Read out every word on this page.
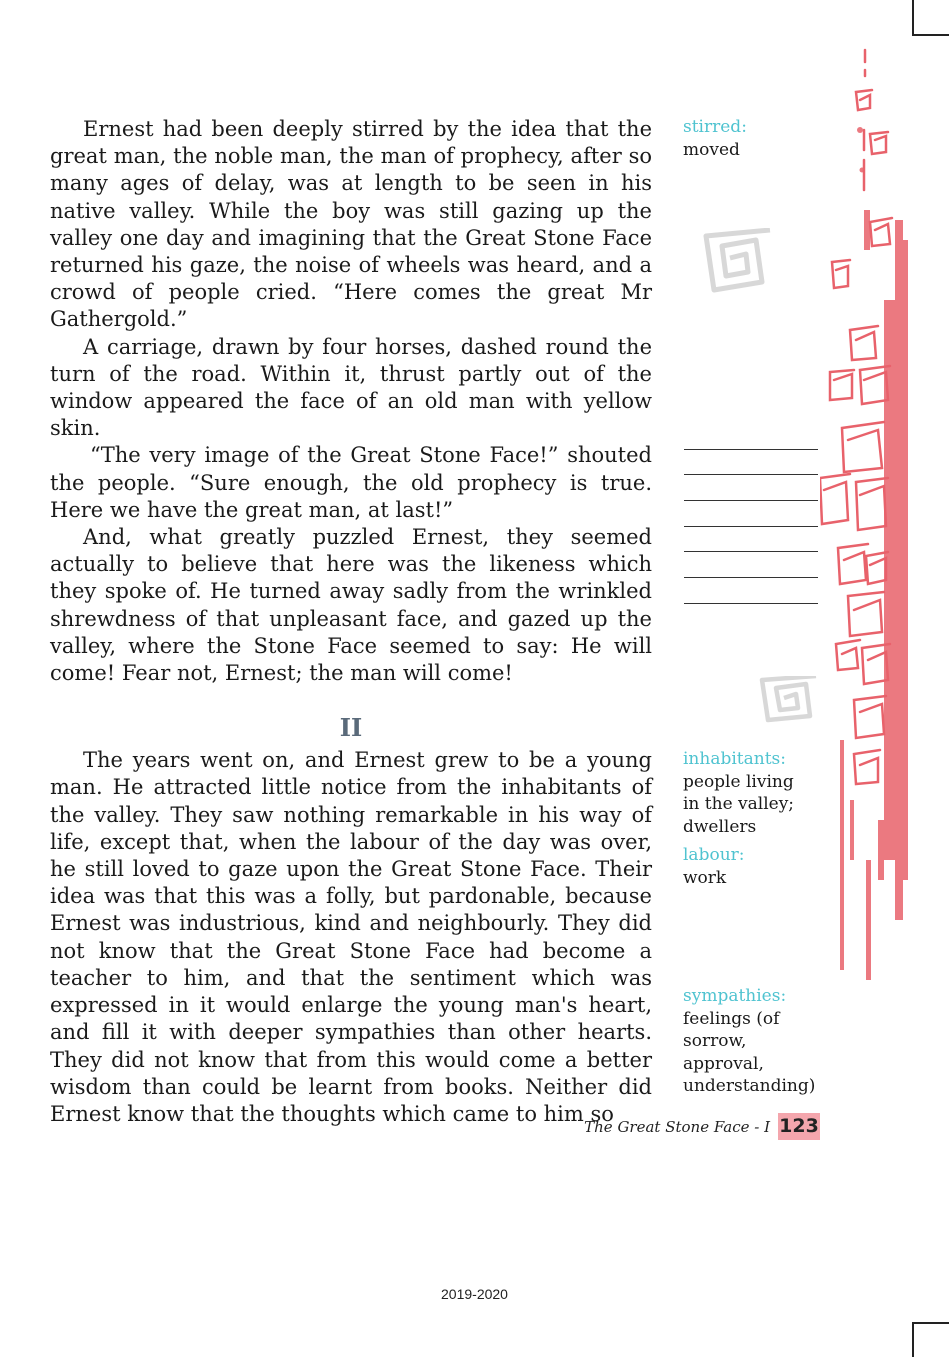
Ernest had been deeply stirred by the idea that the great man, the noble man, the man of prophecy, after so many ages of delay, was at length to be seen in his native valley. While the boy was still gazing up the valley one day and imagining that the Great Stone Face returned his gaze, the noise of wheels was heard, and a crowd of people cried. “Here comes the great Mr Gathergold.”

A carriage, drawn by four horses, dashed round the turn of the road. Within it, thrust partly out of the window appeared the face of an old man with yellow skin.

“The very image of the Great Stone Face!” shouted the people. “Sure enough, the old prophecy is true. Here we have the great man, at last!”

And, what greatly puzzled Ernest, they seemed actually to believe that here was the likeness which they spoke of. He turned away sadly from the wrinkled shrewdness of that unpleasant face, and gazed up the valley, where the Stone Face seemed to say: He will come! Fear not, Ernest; the man will come!

II

The years went on, and Ernest grew to be a young man. He attracted little notice from the inhabitants of the valley. They saw nothing remarkable in his way of life, except that, when the labour of the day was over, he still loved to gaze upon the Great Stone Face. Their idea was that this was a folly, but pardonable, because Ernest was industrious, kind and neighbourly. They did not know that the Great Stone Face had become a teacher to him, and that the sentiment which was expressed in it would enlarge the young man's heart, and fill it with deeper sympathies than other hearts. They did not know that from this would come a better wisdom than could be learnt from books. Neither did Ernest know that the thoughts which came to him so

stirred:
moved
inhabitants:
people living in the valley; dwellers
labour:
work
sympathies:
feelings (of sorrow, approval, understanding)
The Great Stone Face - I 123
2019-2020
